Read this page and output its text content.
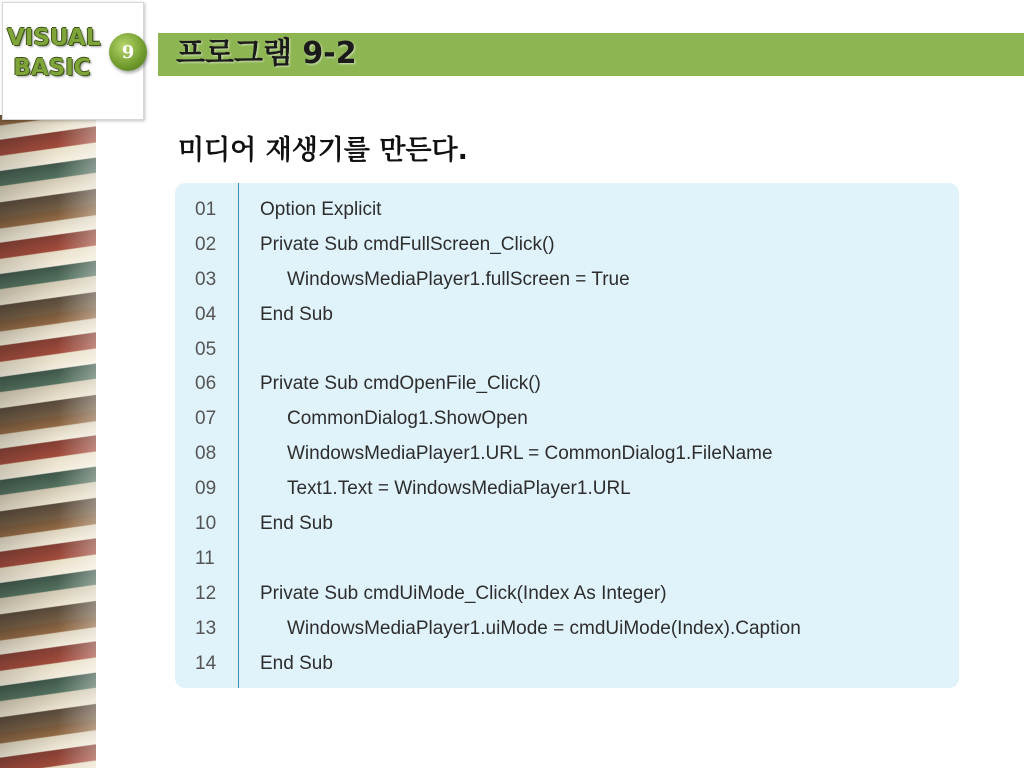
VISUAL
BASIC
9	프로그램 9-2
미디어 재생기를 만든다.
01	Option Explicit
02	Private Sub cmdFullScreen_Click()
03	WindowsMediaPlayer1.fullScreen = True
04	End Sub
05
06	Private Sub cmdOpenFile_Click()
07	CommonDialog1.ShowOpen
08	WindowsMediaPlayer1.URL = CommonDialog1.FileName
09	Text1.Text = WindowsMediaPlayer1.URL
10	End Sub
11
12	Private Sub cmdUiMode_Click(Index As Integer)
13	WindowsMediaPlayer1.uiMode = cmdUiMode(Index).Caption
14	End Sub
